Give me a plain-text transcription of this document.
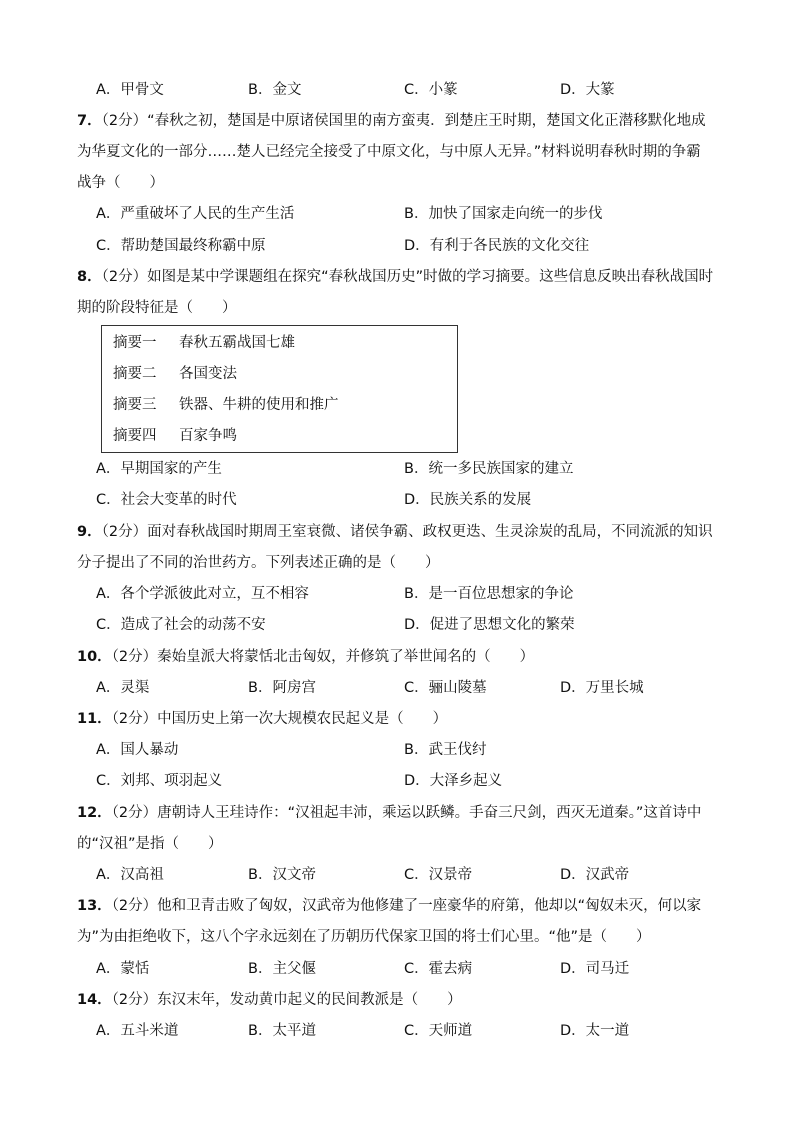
A．甲骨文	B．金文	C．小篆	D．大篆
7．（2分）“春秋之初，楚国是中原诸侯国里的南方蛮夷．到楚庄王时期，楚国文化正潜移默化地成
为华夏文化的一部分……楚人已经完全接受了中原文化，与中原人无异。”材料说明春秋时期的争霸
战争（　　）
A．严重破坏了人民的生产生活	B．加快了国家走向统一的步伐
C．帮助楚国最终称霸中原	D．有利于各民族的文化交往
8．（2分）如图是某中学课题组在探究“春秋战国历史”时做的学习摘要。这些信息反映出春秋战国时
期的阶段特征是（　　）
摘要一 春秋五霸战国七雄
摘要二 各国变法
摘要三 铁器、牛耕的使用和推广
摘要四 百家争鸣
A．早期国家的产生	B．统一多民族国家的建立
C．社会大变革的时代	D．民族关系的发展
9．（2分）面对春秋战国时期周王室衰微、诸侯争霸、政权更迭、生灵涂炭的乱局，不同流派的知识
分子提出了不同的治世药方。下列表述正确的是（　　）
A．各个学派彼此对立，互不相容	B．是一百位思想家的争论
C．造成了社会的动荡不安	D．促进了思想文化的繁荣
10．（2分）秦始皇派大将蒙恬北击匈奴，并修筑了举世闻名的（　　）
A．灵渠	B．阿房宫	C．骊山陵墓	D．万里长城
11．（2分）中国历史上第一次大规模农民起义是（　　）
A．国人暴动	B．武王伐纣
C．刘邦、项羽起义	D．大泽乡起义
12．（2分）唐朝诗人王珪诗作：“汉祖起丰沛，乘运以跃鳞。手奋三尺剑，西灭无道秦。”这首诗中
的“汉祖”是指（　　）
A．汉高祖	B．汉文帝	C．汉景帝	D．汉武帝
13．（2分）他和卫青击败了匈奴，汉武帝为他修建了一座豪华的府第，他却以“匈奴未灭，何以家
为”为由拒绝收下，这八个字永远刻在了历朝历代保家卫国的将士们心里。“他”是（　　）
A．蒙恬	B．主父偃	C．霍去病	D．司马迁
14．（2分）东汉末年，发动黄巾起义的民间教派是（　　）
A．五斗米道	B．太平道	C．天师道	D．太一道
